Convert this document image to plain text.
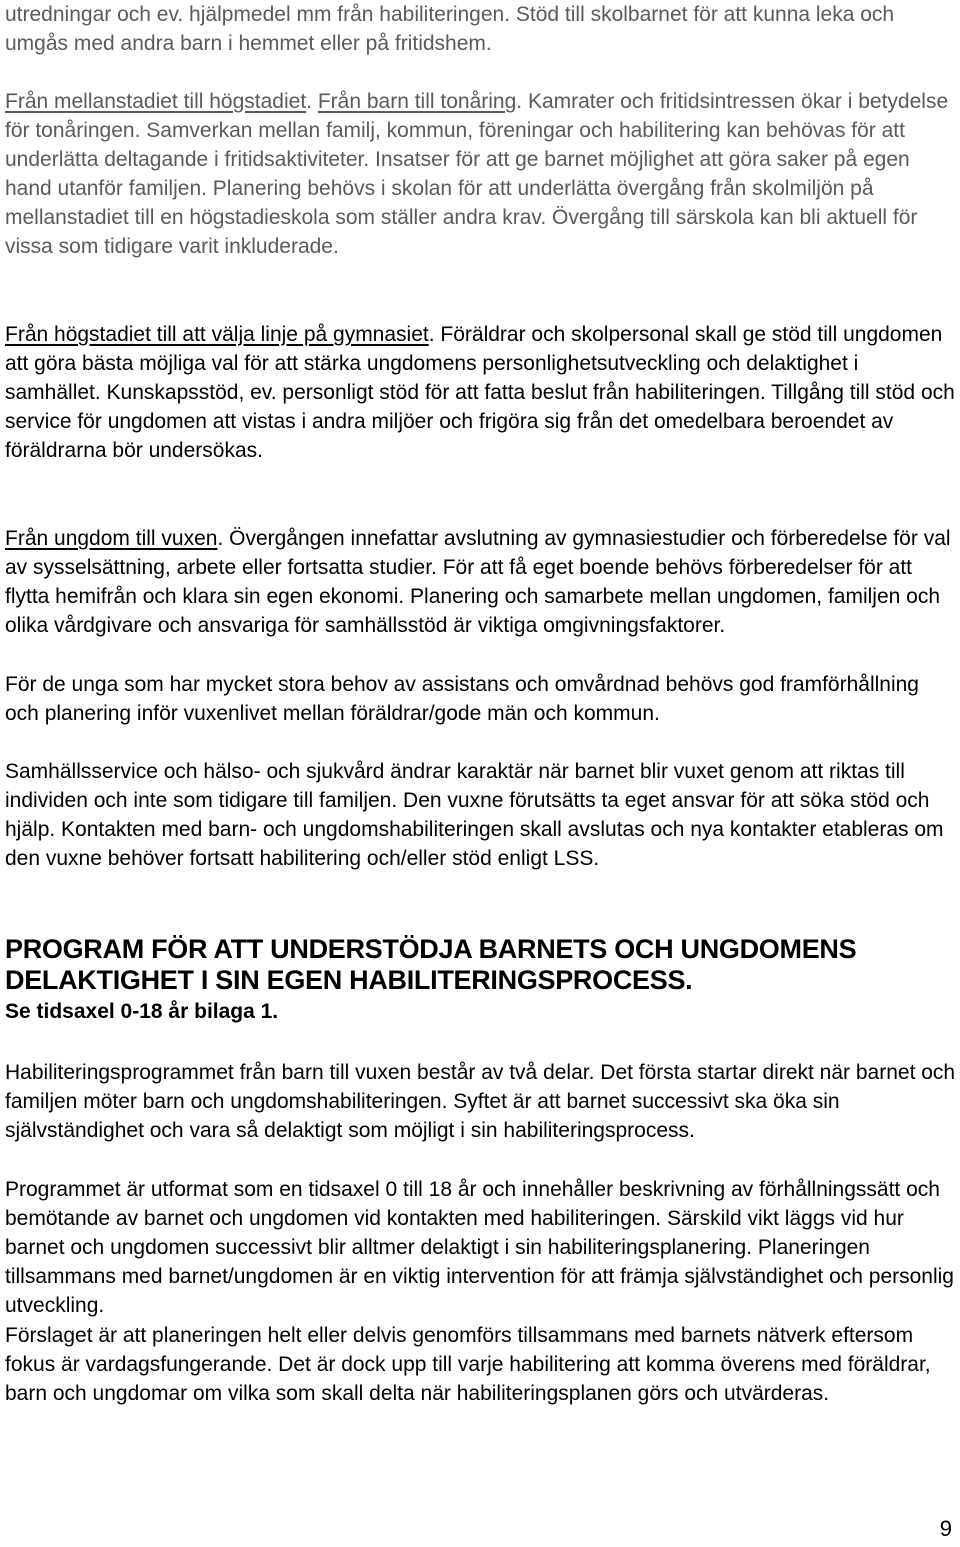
utredningar och ev. hjälpmedel mm från habiliteringen. Stöd till skolbarnet för att kunna leka och umgås med andra barn i hemmet eller på fritidshem.

Från mellanstadiet till högstadiet. Från barn till tonåring. Kamrater och fritidsintressen ökar i betydelse för tonåringen. Samverkan mellan familj, kommun, föreningar och habilitering kan behövas för att underlätta deltagande i fritidsaktiviteter. Insatser för att ge barnet möjlighet att göra saker på egen hand utanför familjen. Planering behövs i skolan för att underlätta övergång från skolmiljön på mellanstadiet till en högstadieskola som ställer andra krav. Övergång till särskola kan bli aktuell för vissa som tidigare varit inkluderade.

Från högstadiet till att välja linje på gymnasiet. Föräldrar och skolpersonal skall ge stöd till ungdomen att göra bästa möjliga val för att stärka ungdomens personlighetsutveckling och delaktighet i samhället. Kunskapsstöd, ev. personligt stöd för att fatta beslut från habiliteringen. Tillgång till stöd och service för ungdomen att vistas i andra miljöer och frigöra sig från det omedelbara beroendet av föräldrarna bör undersökas.

Från ungdom till vuxen. Övergången innefattar avslutning av gymnasiestudier och förberedelse för val av sysselsättning, arbete eller fortsatta studier. För att få eget boende behövs förberedelser för att flytta hemifrån och klara sin egen ekonomi. Planering och samarbete mellan ungdomen, familjen och olika vårdgivare och ansvariga för samhällsstöd är viktiga omgivningsfaktorer.

För de unga som har mycket stora behov av assistans och omvårdnad behövs god framförhållning och planering inför vuxenlivet mellan föräldrar/gode män och kommun.

Samhällsservice och hälso- och sjukvård ändrar karaktär när barnet blir vuxet genom att riktas till individen och inte som tidigare till familjen. Den vuxne förutsätts ta eget ansvar för att söka stöd och hjälp. Kontakten med barn- och ungdomshabiliteringen skall avslutas och nya kontakter etableras om den vuxne behöver fortsatt habilitering och/eller stöd enligt LSS.

PROGRAM FÖR ATT UNDERSTÖDJA BARNETS OCH UNGDOMENS
DELAKTIGHET I SIN EGEN HABILITERINGSPROCESS.

Se tidsaxel 0-18 år bilaga 1.

Habiliteringsprogrammet från barn till vuxen består av två delar. Det första startar direkt när barnet och familjen möter barn och ungdomshabiliteringen. Syftet är att barnet successivt ska öka sin självständighet och vara så delaktigt som möjligt i sin habiliteringsprocess.

Programmet är utformat som en tidsaxel 0 till 18 år och innehåller beskrivning av förhållningssätt och bemötande av barnet och ungdomen vid kontakten med habiliteringen. Särskild vikt läggs vid hur barnet och ungdomen successivt blir alltmer delaktigt i sin habiliteringsplanering. Planeringen tillsammans med barnet/ungdomen är en viktig intervention för att främja självständighet och personlig utveckling.

Förslaget är att planeringen helt eller delvis genomförs tillsammans med barnets nätverk eftersom fokus är vardagsfungerande. Det är dock upp till varje habilitering att komma överens med föräldrar, barn och ungdomar om vilka som skall delta när habiliteringsplanen görs och utvärderas.

9
